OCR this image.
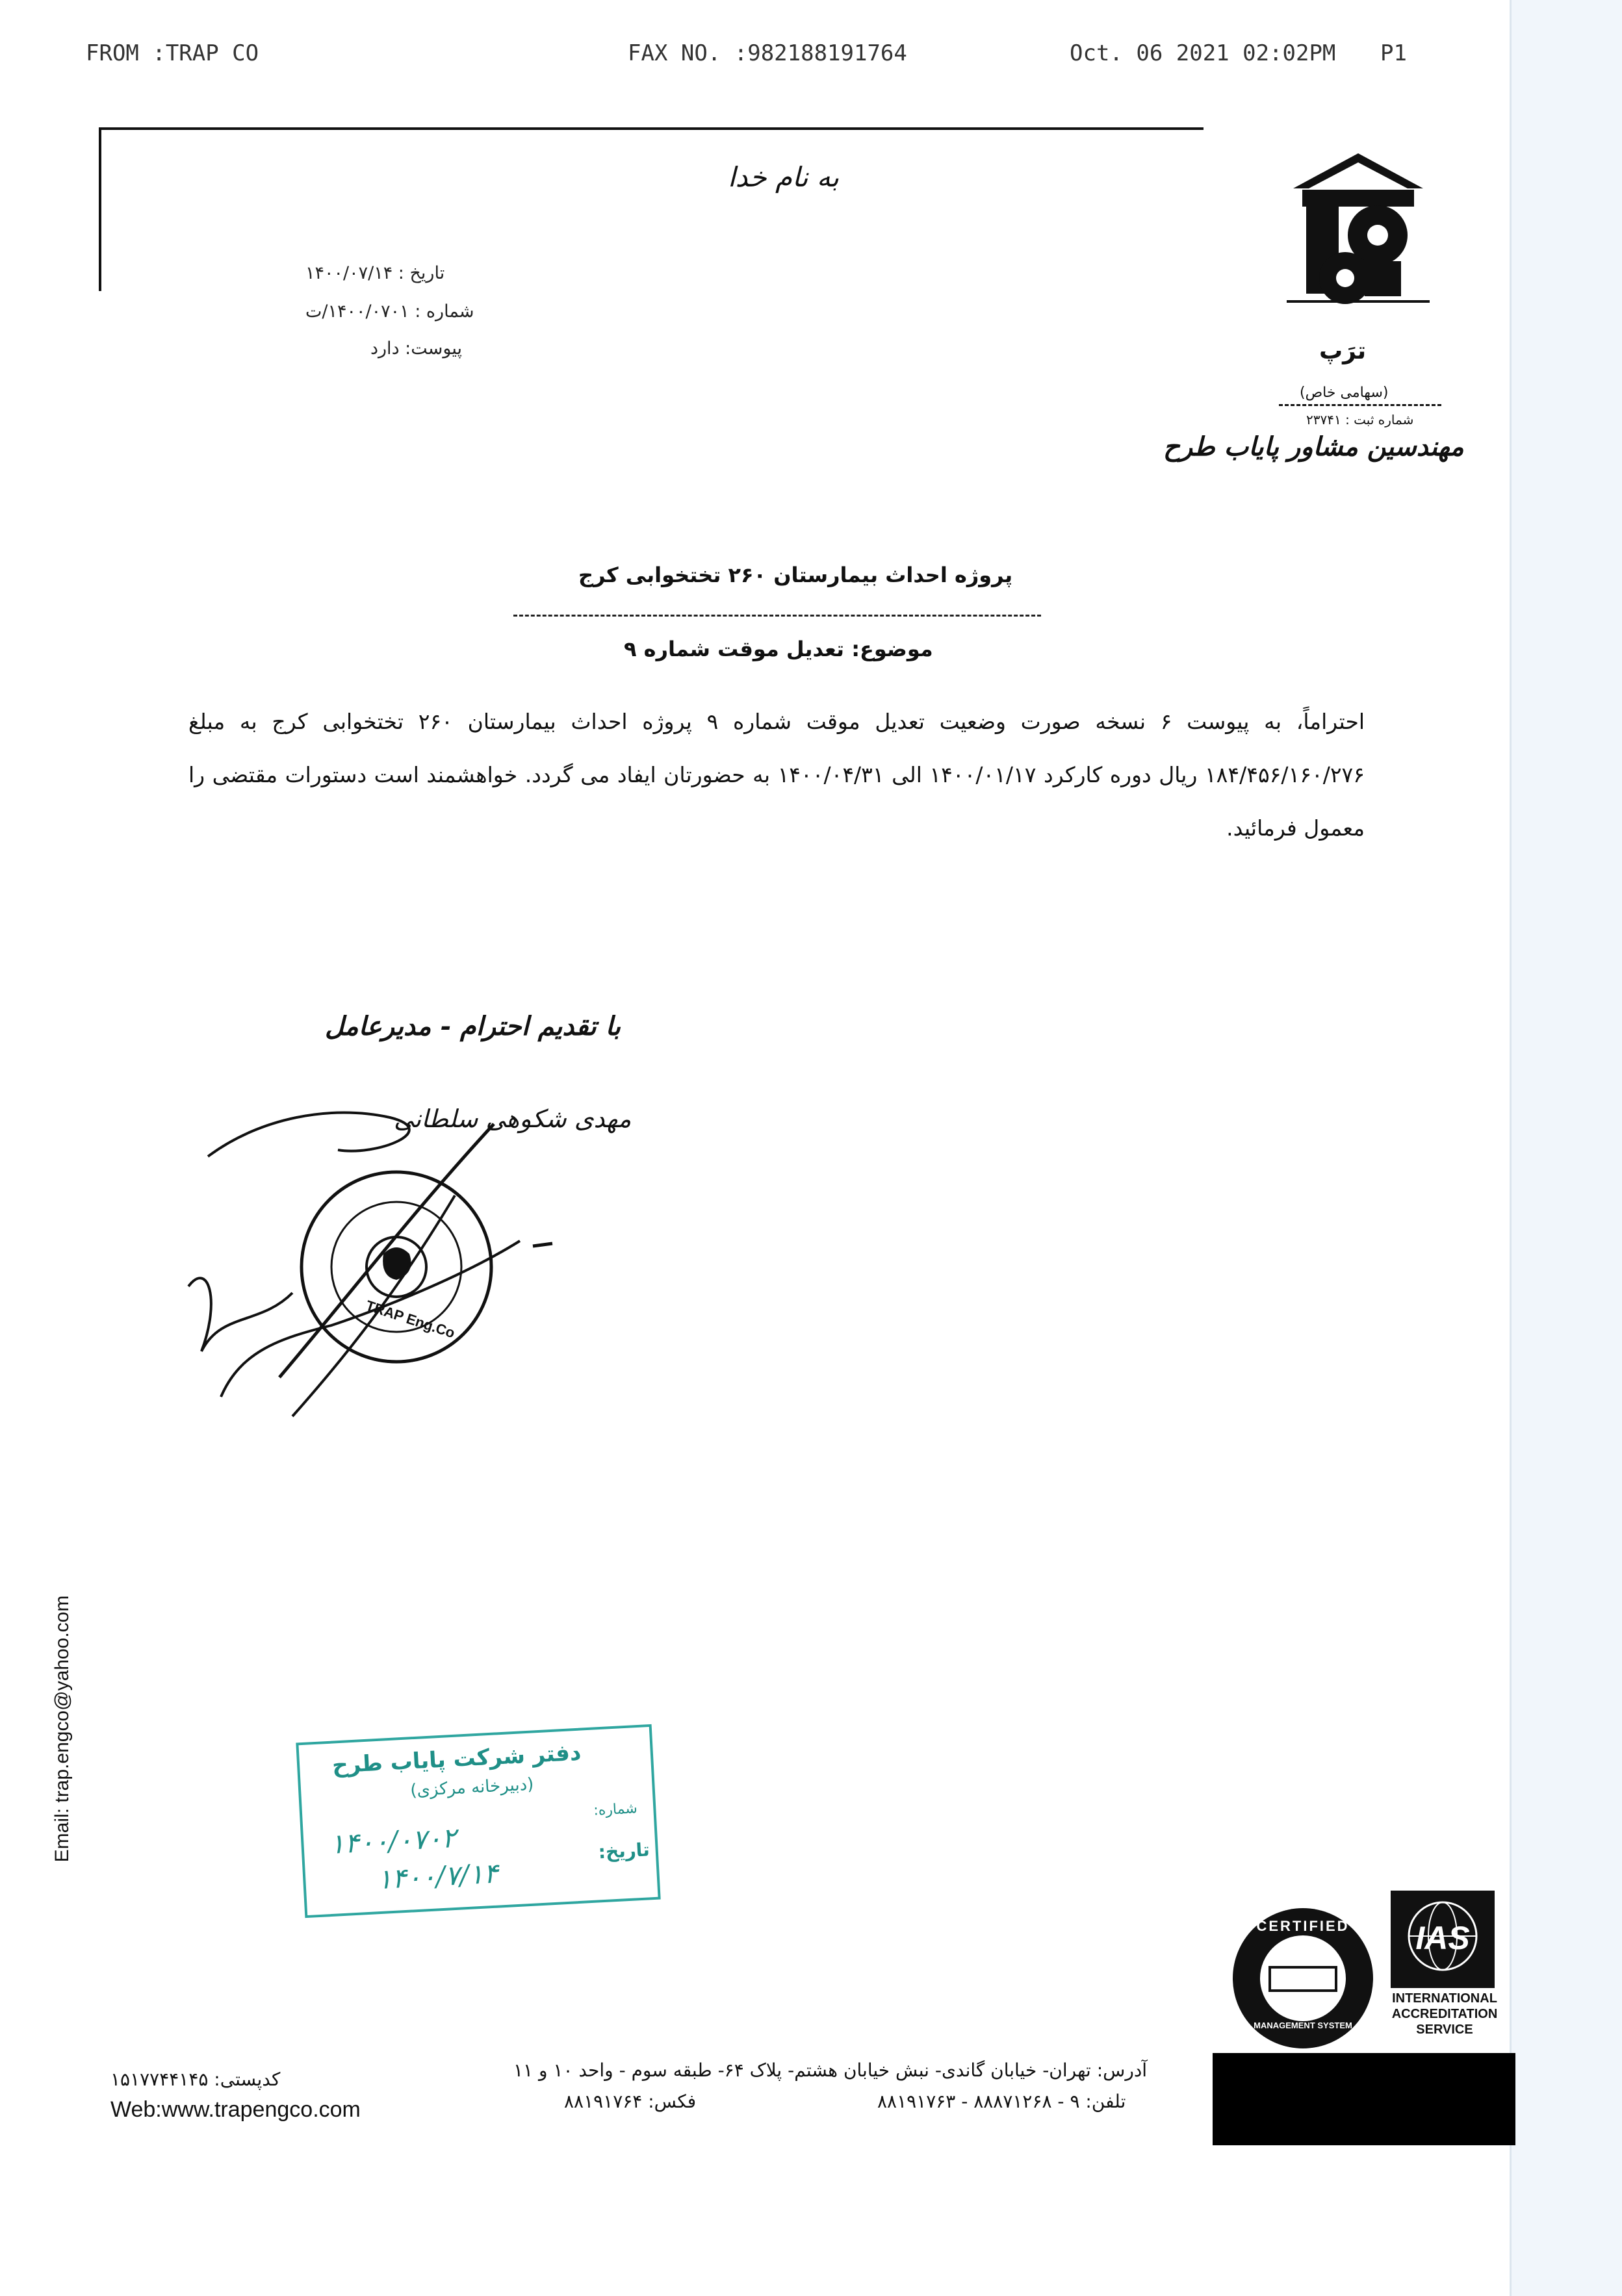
FROM :TRAP CO	FAX NO. :982188191764	Oct. 06 2021 02:02PM P1
به نام خدا
تاریخ : ۱۴۰۰/۰۷/۱۴
شماره : ۱۴۰۰/۰۷۰۱/ت
پیوست: دارد	ترَپ
(سهامی خاص)
شماره ثبت : ۲۳۷۴۱
مهندسین مشاور پایاب طرح
پروژه احداث بیمارستان ۲۶۰ تختخوابی کرج
موضوع: تعدیل موقت شماره ۹
احتراماً، به پیوست ۶ نسخه صورت وضعیت تعدیل موقت شماره ۹ پروژه احداث بیمارستان ۲۶۰ تختخوابی کرج به مبلغ ۱۸۴/۴۵۶/۱۶۰/۲۷۶ ریال دوره کارکرد ۱۴۰۰/۰۱/۱۷ الی ۱۴۰۰/۰۴/۳۱ به حضورتان ایفاد می گردد. خواهشمند است دستورات مقتضی را معمول فرمائید.
با تقدیم احترام - مدیرعامل
مهدی شکوهی سلطانی
TRAP Eng.Co
Email: trap.engco@yahoo.com	دفتر شرکت پایاب طرح
(دبیرخانه مرکزی)
شماره:
۱۴۰۰/۰۷۰۲	تاریخ:
۱۴۰۰/۷/۱۴
CERTIFIED
MANAGEMENT SYSTEM
IAS
INTERNATIONAL ACCREDITATION SERVICE
آدرس: تهران- خیابان گاندی- نبش خیابان هشتم- پلاک ۶۴- طبقه سوم - واحد ۱۰ و ۱۱
تلفن: ۹ - ۸۸۸۷۱۲۶۸ - ۸۸۱۹۱۷۶۳
فکس: ۸۸۱۹۱۷۶۴
کدپستی: ۱۵۱۷۷۴۴۱۴۵
Web:www.trapengco.com
